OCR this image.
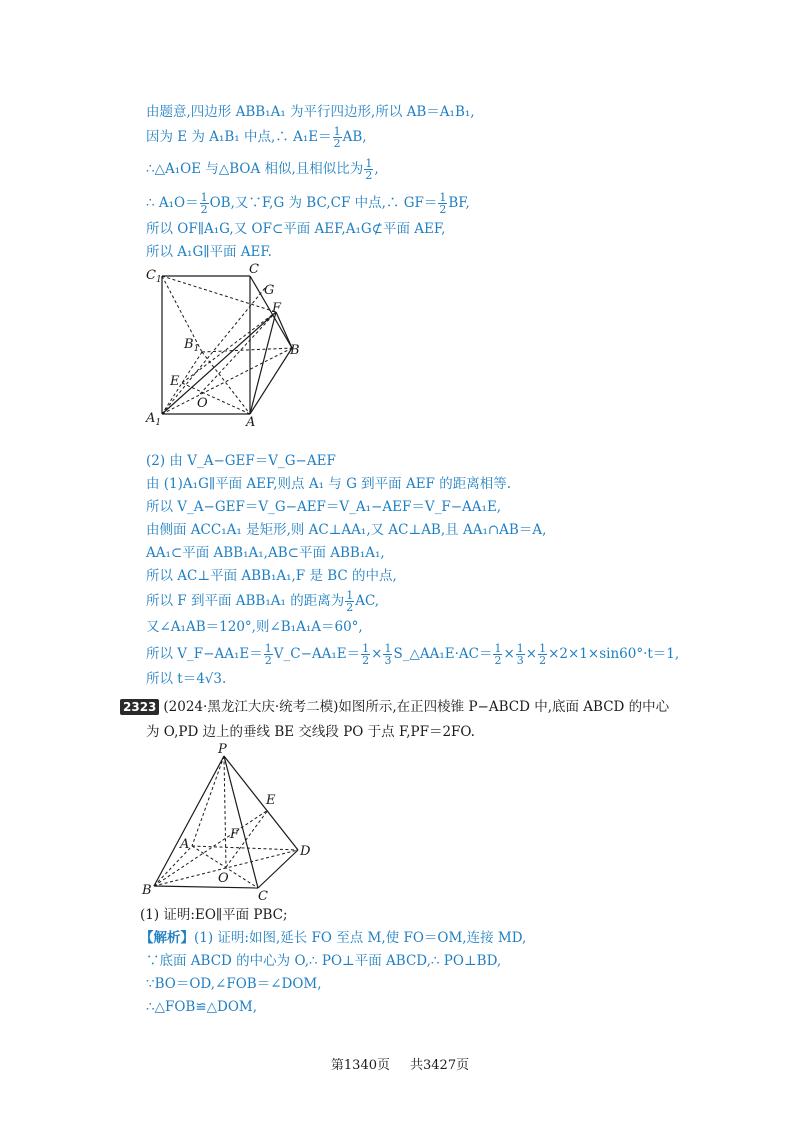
由题意,四边形 ABB₁A₁ 为平行四边形,所以 AB＝A₁B₁,
因为 E 为 A₁B₁ 中点,∴ $A_1E= \frac{1}{2}$ AB,
∴△A₁OE 与△BOA 相似,且相似比为 $\frac{1}{2}$ ,
∴ $A_1O= \frac{1}{2}$ OB,又∵F,G 为 BC,CF 中点,∴ $GF= \frac{1}{2}$ BF,
所以 OF∥A₁G,又 OF⊂平面 AEF,A₁G⊄平面 AEF,
所以 A₁G∥平面 AEF.
$C_1$
C
G
F
$B_1$	B
E
O
$A_1$	A
(2) 由 V_A−GEF＝V_G−AEF
由 (1)A₁G∥平面 AEF,则点 A₁ 与 G 到平面 AEF 的距离相等.
所以 V_A−GEF＝V_G−AEF＝V_A₁−AEF＝V_F−AA₁E,
由侧面 ACC₁A₁ 是矩形,则 AC⊥AA₁,又 AC⊥AB,且 AA₁∩AB＝A,
AA₁⊂平面 ABB₁A₁,AB⊂平面 ABB₁A₁,
所以 AC⊥平面 ABB₁A₁,F 是 BC 的中点,
所以 F 到平面 ABB₁A₁ 的距离为 $\frac{1}{2}$ AC,
又∠A₁AB＝120°,则∠B₁A₁A＝60°,
所以 V_F−AA₁E＝ $\frac{1}{2}$ V_C−AA₁E＝ $\frac{1}{2} \times \frac{1}{3}$ S_△AA₁E·AC＝ $\frac{1}{2} \times \frac{1}{3} \times \frac{1}{2} \times 2\times 1\times\sin 60^\circ\cdot t=1$,
所以 t＝4√3.
2323 (2024·黑龙江大庆·统考二模)如图所示,在正四棱锥 P−ABCD 中,底面 ABCD 的中心
为 O,PD 边上的垂线 BE 交线段 PO 于点 F,PF＝2FO.
P
E
F
A	D
O
B	C
(1) 证明:EO∥平面 PBC;
【解析】(1) 证明:如图,延长 FO 至点 M,使 FO＝OM,连接 MD,
∵底面 ABCD 的中心为 O,∴ PO⊥平面 ABCD,∴ PO⊥BD,
∵BO＝OD,∠FOB＝∠DOM,
∴△FOB≌△DOM,
第1340页 共3427页
